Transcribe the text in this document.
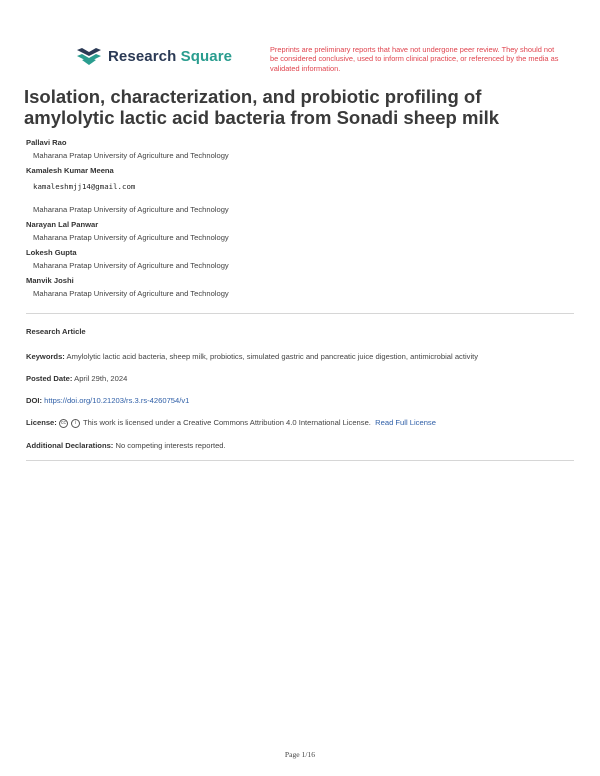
Research Square	Preprints are preliminary reports that have not undergone peer review. They should not be considered conclusive, used to inform clinical practice, or referenced by the media as validated information.
Isolation, characterization, and probiotic profiling of amylolytic lactic acid bacteria from Sonadi sheep milk
Pallavi Rao
Maharana Pratap University of Agriculture and Technology
Kamalesh Kumar Meena
kamaleshmjj14@gmail.com
Maharana Pratap University of Agriculture and Technology
Narayan Lal Panwar
Maharana Pratap University of Agriculture and Technology
Lokesh Gupta
Maharana Pratap University of Agriculture and Technology
Manvik Joshi
Maharana Pratap University of Agriculture and Technology
Research Article
Keywords: Amylolytic lactic acid bacteria, sheep milk, probiotics, simulated gastric and pancreatic juice digestion, antimicrobial activity
Posted Date: April 29th, 2024
DOI: https://doi.org/10.21203/rs.3.rs-4260754/v1
License: cc i This work is licensed under a Creative Commons Attribution 4.0 International License. Read Full License
Additional Declarations: No competing interests reported.
Page 1/16
